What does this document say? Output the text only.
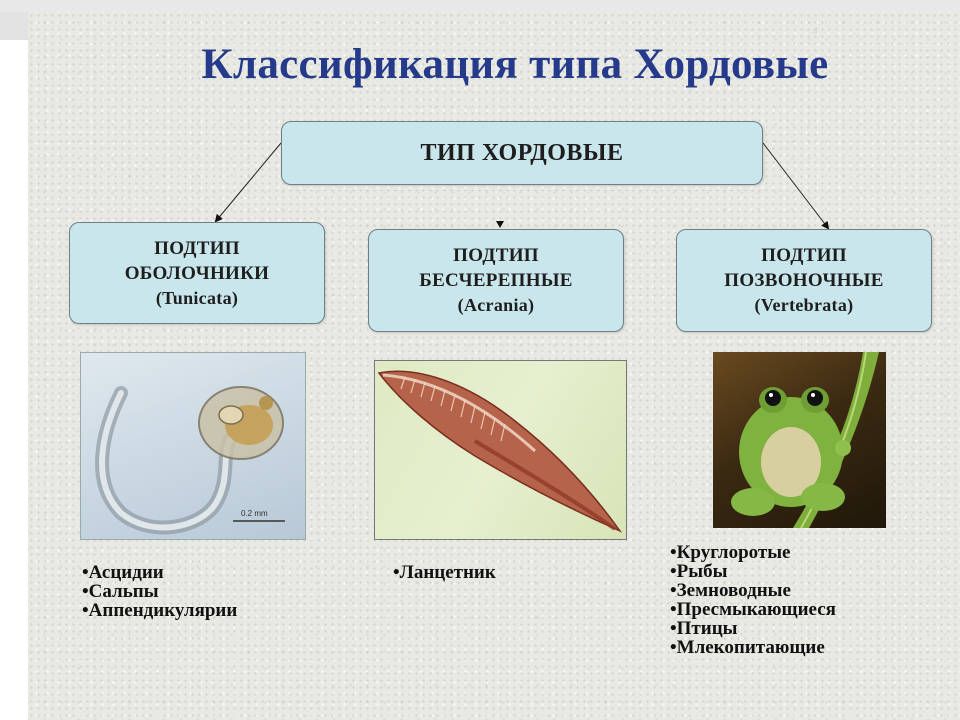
4
Классификация типа Хордовые
ТИП ХОРДОВЫЕ
ПОДТИП
ОБОЛОЧНИКИ
(Tunicata)
ПОДТИП
БЕСЧЕРЕПНЫЕ
(Acrania)
ПОДТИП
ПОЗВОНОЧНЫЕ
(Vertebrata)
0.2 mm
• Асцидии
• Сальпы
• Аппендикулярии
• Ланцетник
• Круглоротые
• Рыбы
• Земноводные
• Пресмыкающиеся
• Птицы
• Млекопитающие
